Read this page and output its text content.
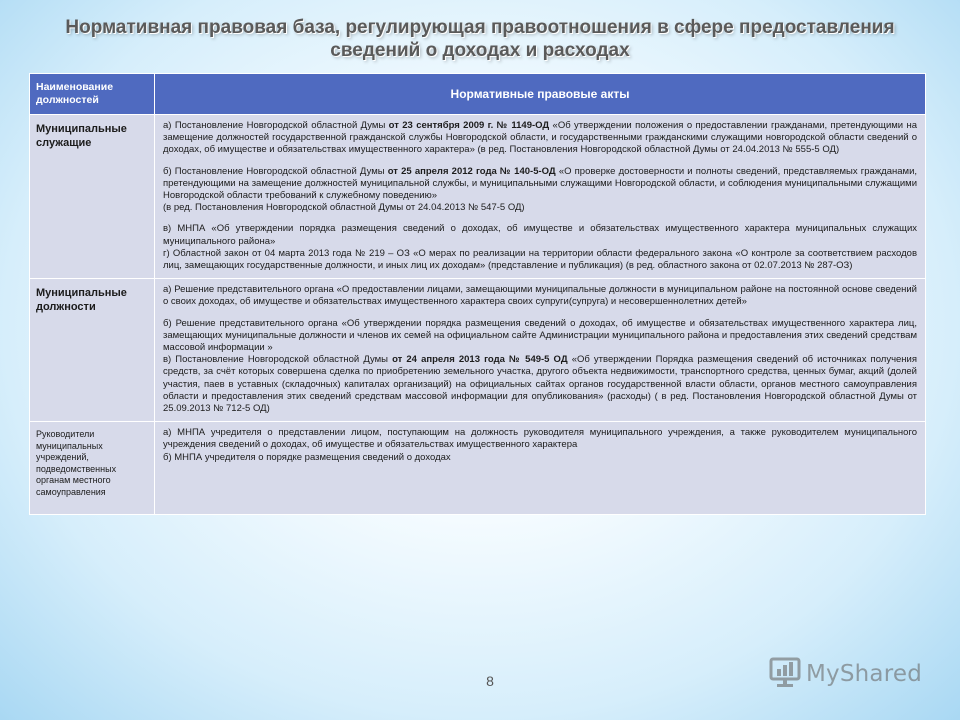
Нормативная правовая база, регулирующая правоотношения в сфере предоставления сведений о доходах и расходах
Наименование должностей	Нормативные правовые акты
Муниципальные служащие	а) Постановление Новгородской областной Думы от 23 сентября 2009 г. № 1149-ОД «Об утверждении положения о предоставлении гражданами, претендующими на замещение должностей государственной гражданской службы Новгородской области, и государственными гражданскими служащими новгородской области сведений о доходах, об имуществе и обязательствах имущественного характера» (в ред. Постановления Новгородской областной Думы от 24.04.2013 № 555-5 ОД)

б) Постановление Новгородской областной Думы от 25 апреля 2012 года № 140-5-ОД «О проверке достоверности и полноты сведений, представляемых гражданами, претендующими на замещение должностей муниципальной службы, и муниципальными служащими Новгородской области, и соблюдения муниципальными служащими Новгородской области требований к служебному поведению»

(в ред. Постановления Новгородской областной Думы от 24.04.2013 № 547-5 ОД)

в) МНПА «Об утверждении порядка размещения сведений о доходах, об имуществе и обязательствах имущественного характера муниципальных служащих муниципального района»

г) Областной закон от 04 марта 2013 года № 219 – ОЗ «О мерах по реализации на территории области федерального закона «О контроле за соответствием расходов лиц, замещающих государственные должности, и иных лиц их доходам» (представление и публикация) (в ред. областного закона от 02.07.2013 № 287-ОЗ)

Муниципальные должности	а) Решение представительного органа «О предоставлении лицами, замещающими муниципальные должности в муниципальном районе на постоянной основе сведений о своих доходах, об имуществе и обязательствах имущественного характера своих супруги(супруга) и несовершеннолетних детей»

б) Решение представительного органа «Об утверждении порядка размещения сведений о доходах, об имуществе и обязательствах имущественного характера лиц, замещающих муниципальные должности и членов их семей на официальном сайте Администрации муниципального района и предоставления этих сведений средствам массовой информации »

в) Постановление Новгородской областной Думы от 24 апреля 2013 года № 549-5 ОД «Об утверждении Порядка размещения сведений об источниках получения средств, за счёт которых совершена сделка по приобретению земельного участка, другого объекта недвижимости, транспортного средства, ценных бумаг, акций (долей участия, паев в уставных (складочных) капиталах организаций) на официальных сайтах органов государственной власти области, органов местного самоуправления области и предоставления этих сведений средствам массовой информации для опубликования» (расходы) ( в ред. Постановления Новгородской областной Думы от 25.09.2013 № 712-5 ОД)

Руководители муниципальных учреждений, подведомственных органам местного самоуправления	а) МНПА учредителя о представлении лицом, поступающим на должность руководителя муниципального учреждения, а также руководителем муниципального учреждения сведений о доходах, об имуществе и обязательствах имущественного характера

б) МНПА учредителя о порядке размещения сведений о доходах

8	MyShared
